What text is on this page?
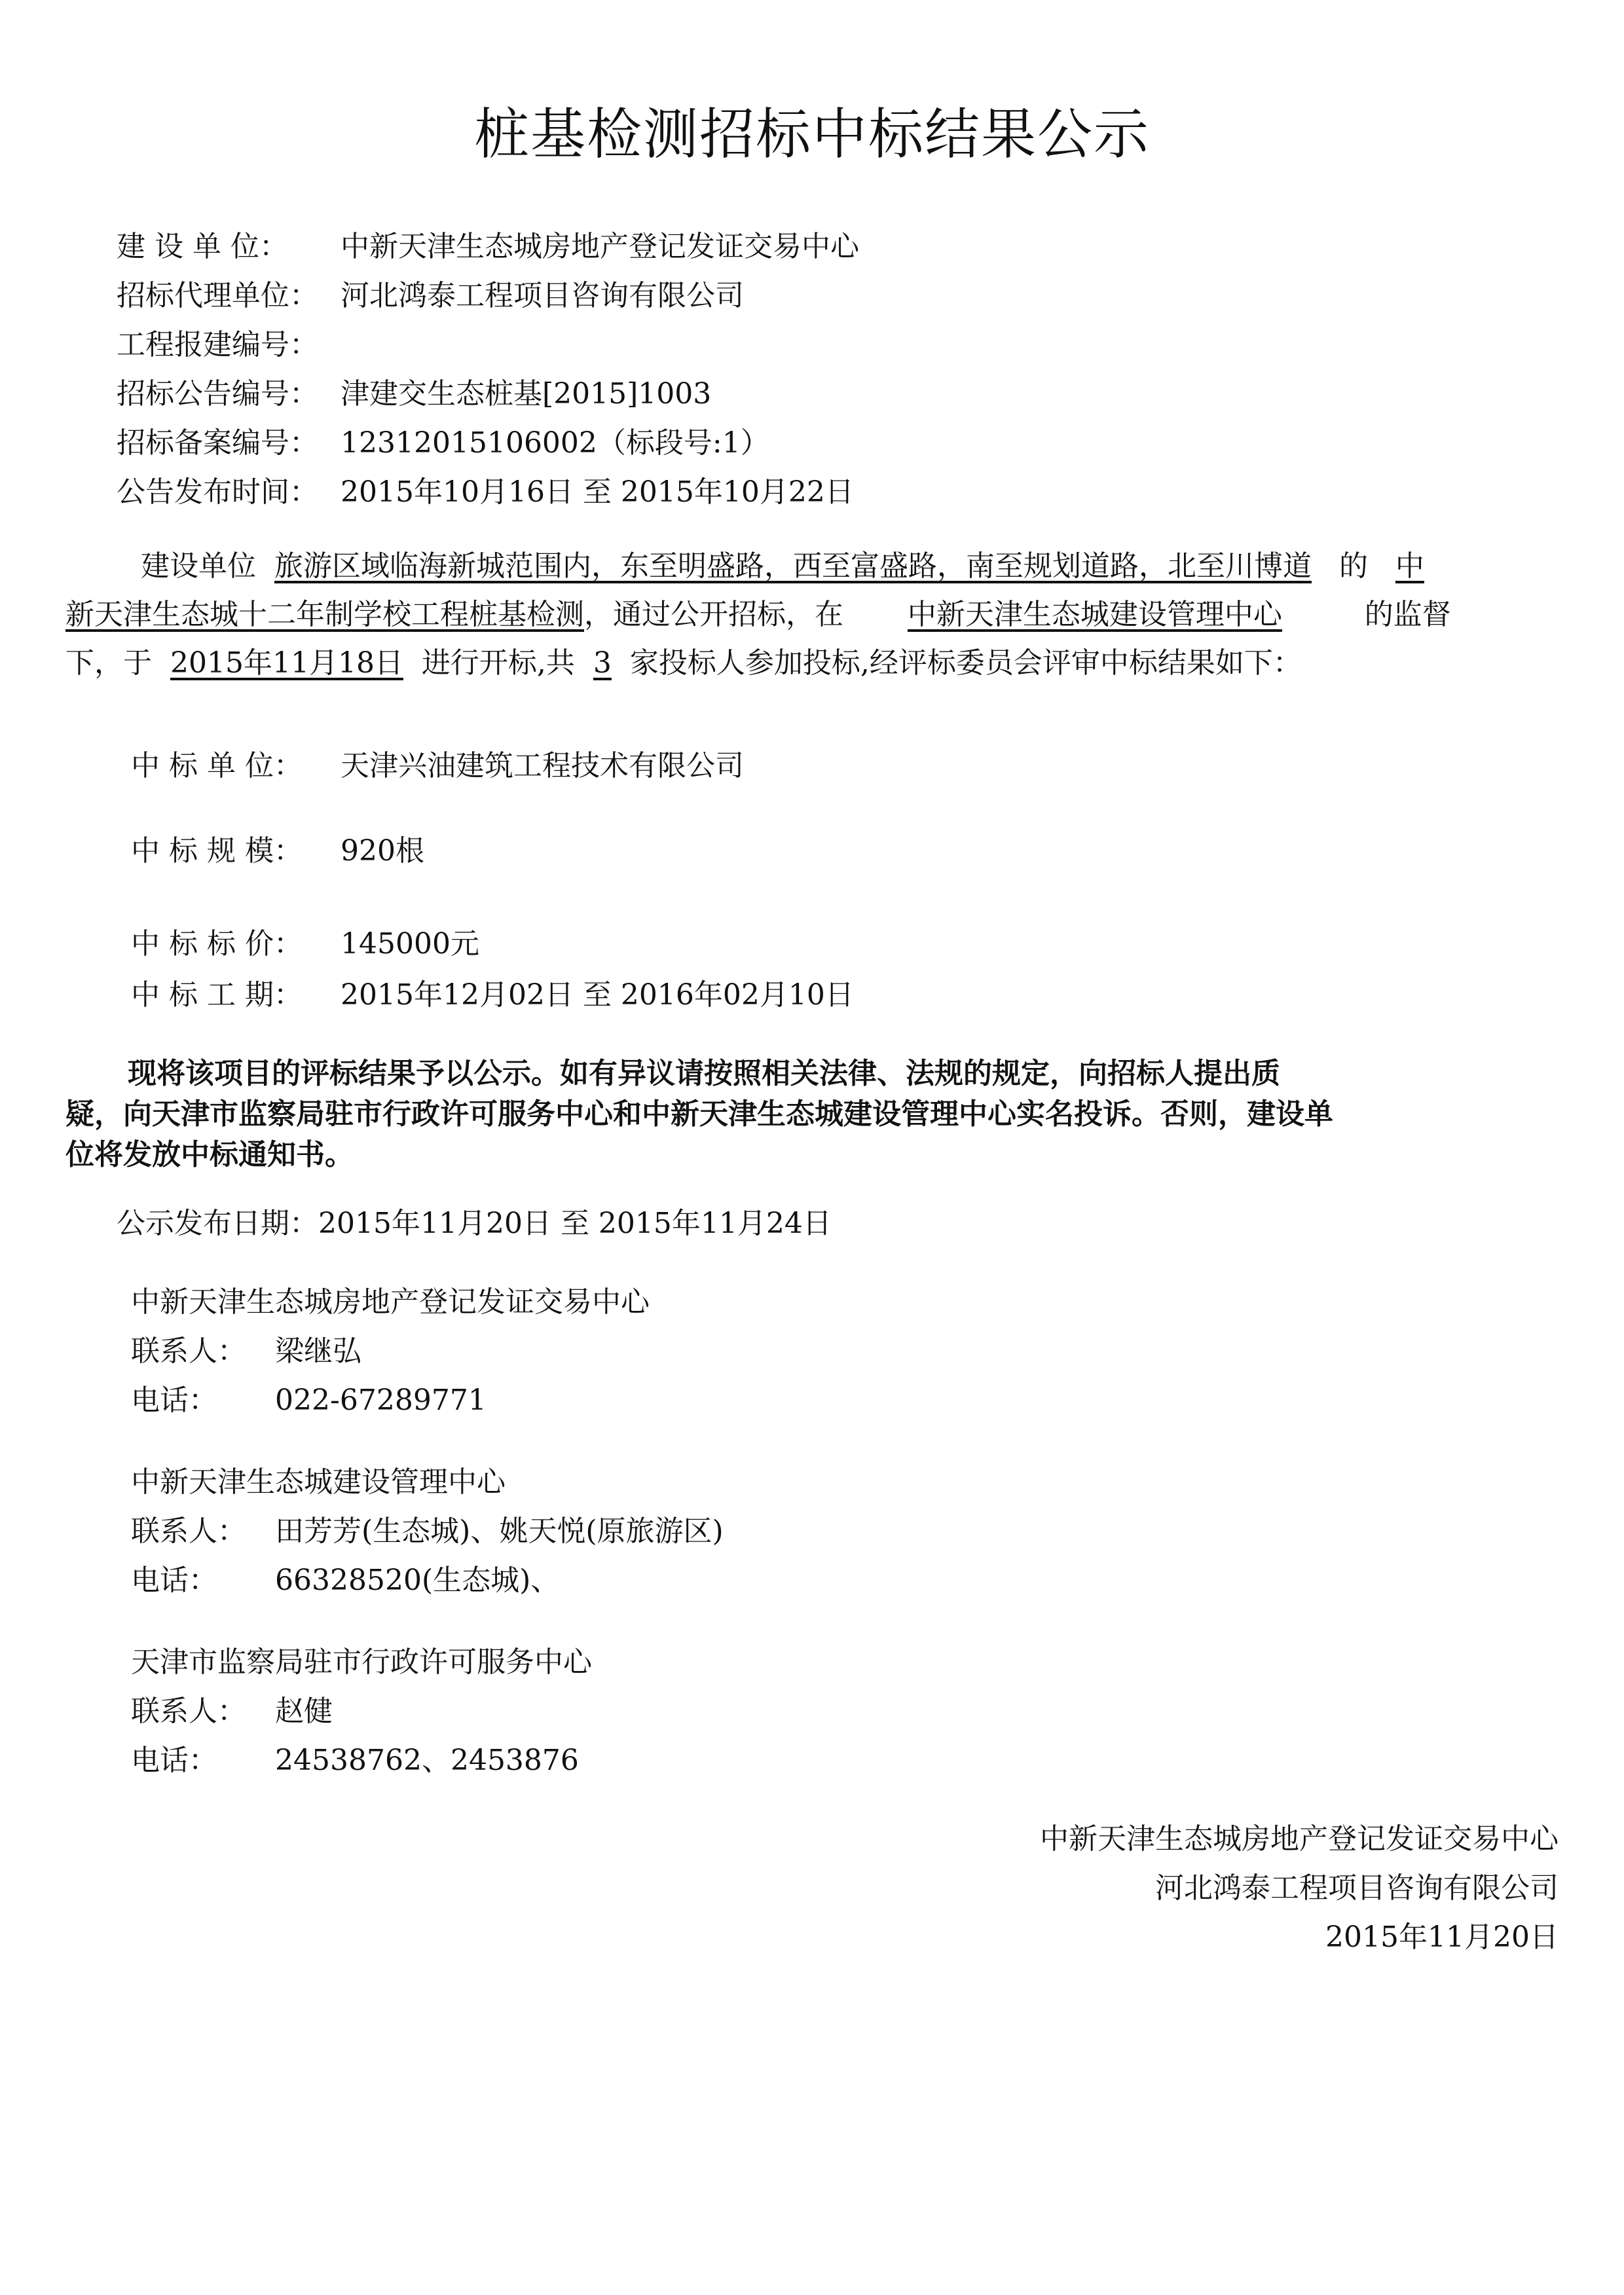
桩基检测招标中标结果公示
建 设 单 位： 中新天津生态城房地产登记发证交易中心
招标代理单位： 河北鸿泰工程项目咨询有限公司
工程报建编号：
招标公告编号： 津建交生态桩基[2015]1003
招标备案编号： 12312015106002（标段号:1）
公告发布时间： 2015年10月16日 至 2015年10月22日
建设单位 旅游区域临海新城范围内，东至明盛路，西至富盛路，南至规划道路，北至川博道 的 中
新天津生态城十二年制学校工程桩基检测，通过公开招标，在 中新天津生态城建设管理中心	的监督
下，于 2015年11月18日 进行开标,共 3 家投标人参加投标,经评标委员会评审中标结果如下：
中 标 单 位： 天津兴油建筑工程技术有限公司
中 标 规 模： 920根
中 标 标 价： 145000元
中 标 工 期： 2015年12月02日 至 2016年02月10日
现将该项目的评标结果予以公示。如有异议请按照相关法律、法规的规定，向招标人提出质
疑，向天津市监察局驻市行政许可服务中心和中新天津生态城建设管理中心实名投诉。否则，建设单
位将发放中标通知书。
公示发布日期：2015年11月20日 至 2015年11月24日
中新天津生态城房地产登记发证交易中心
联系人： 梁继弘
电话： 022-67289771
中新天津生态城建设管理中心
联系人： 田芳芳(生态城)、姚天悦(原旅游区)
电话： 66328520(生态城)、
天津市监察局驻市行政许可服务中心
联系人： 赵健
电话： 24538762、2453876
中新天津生态城房地产登记发证交易中心
河北鸿泰工程项目咨询有限公司
2015年11月20日
